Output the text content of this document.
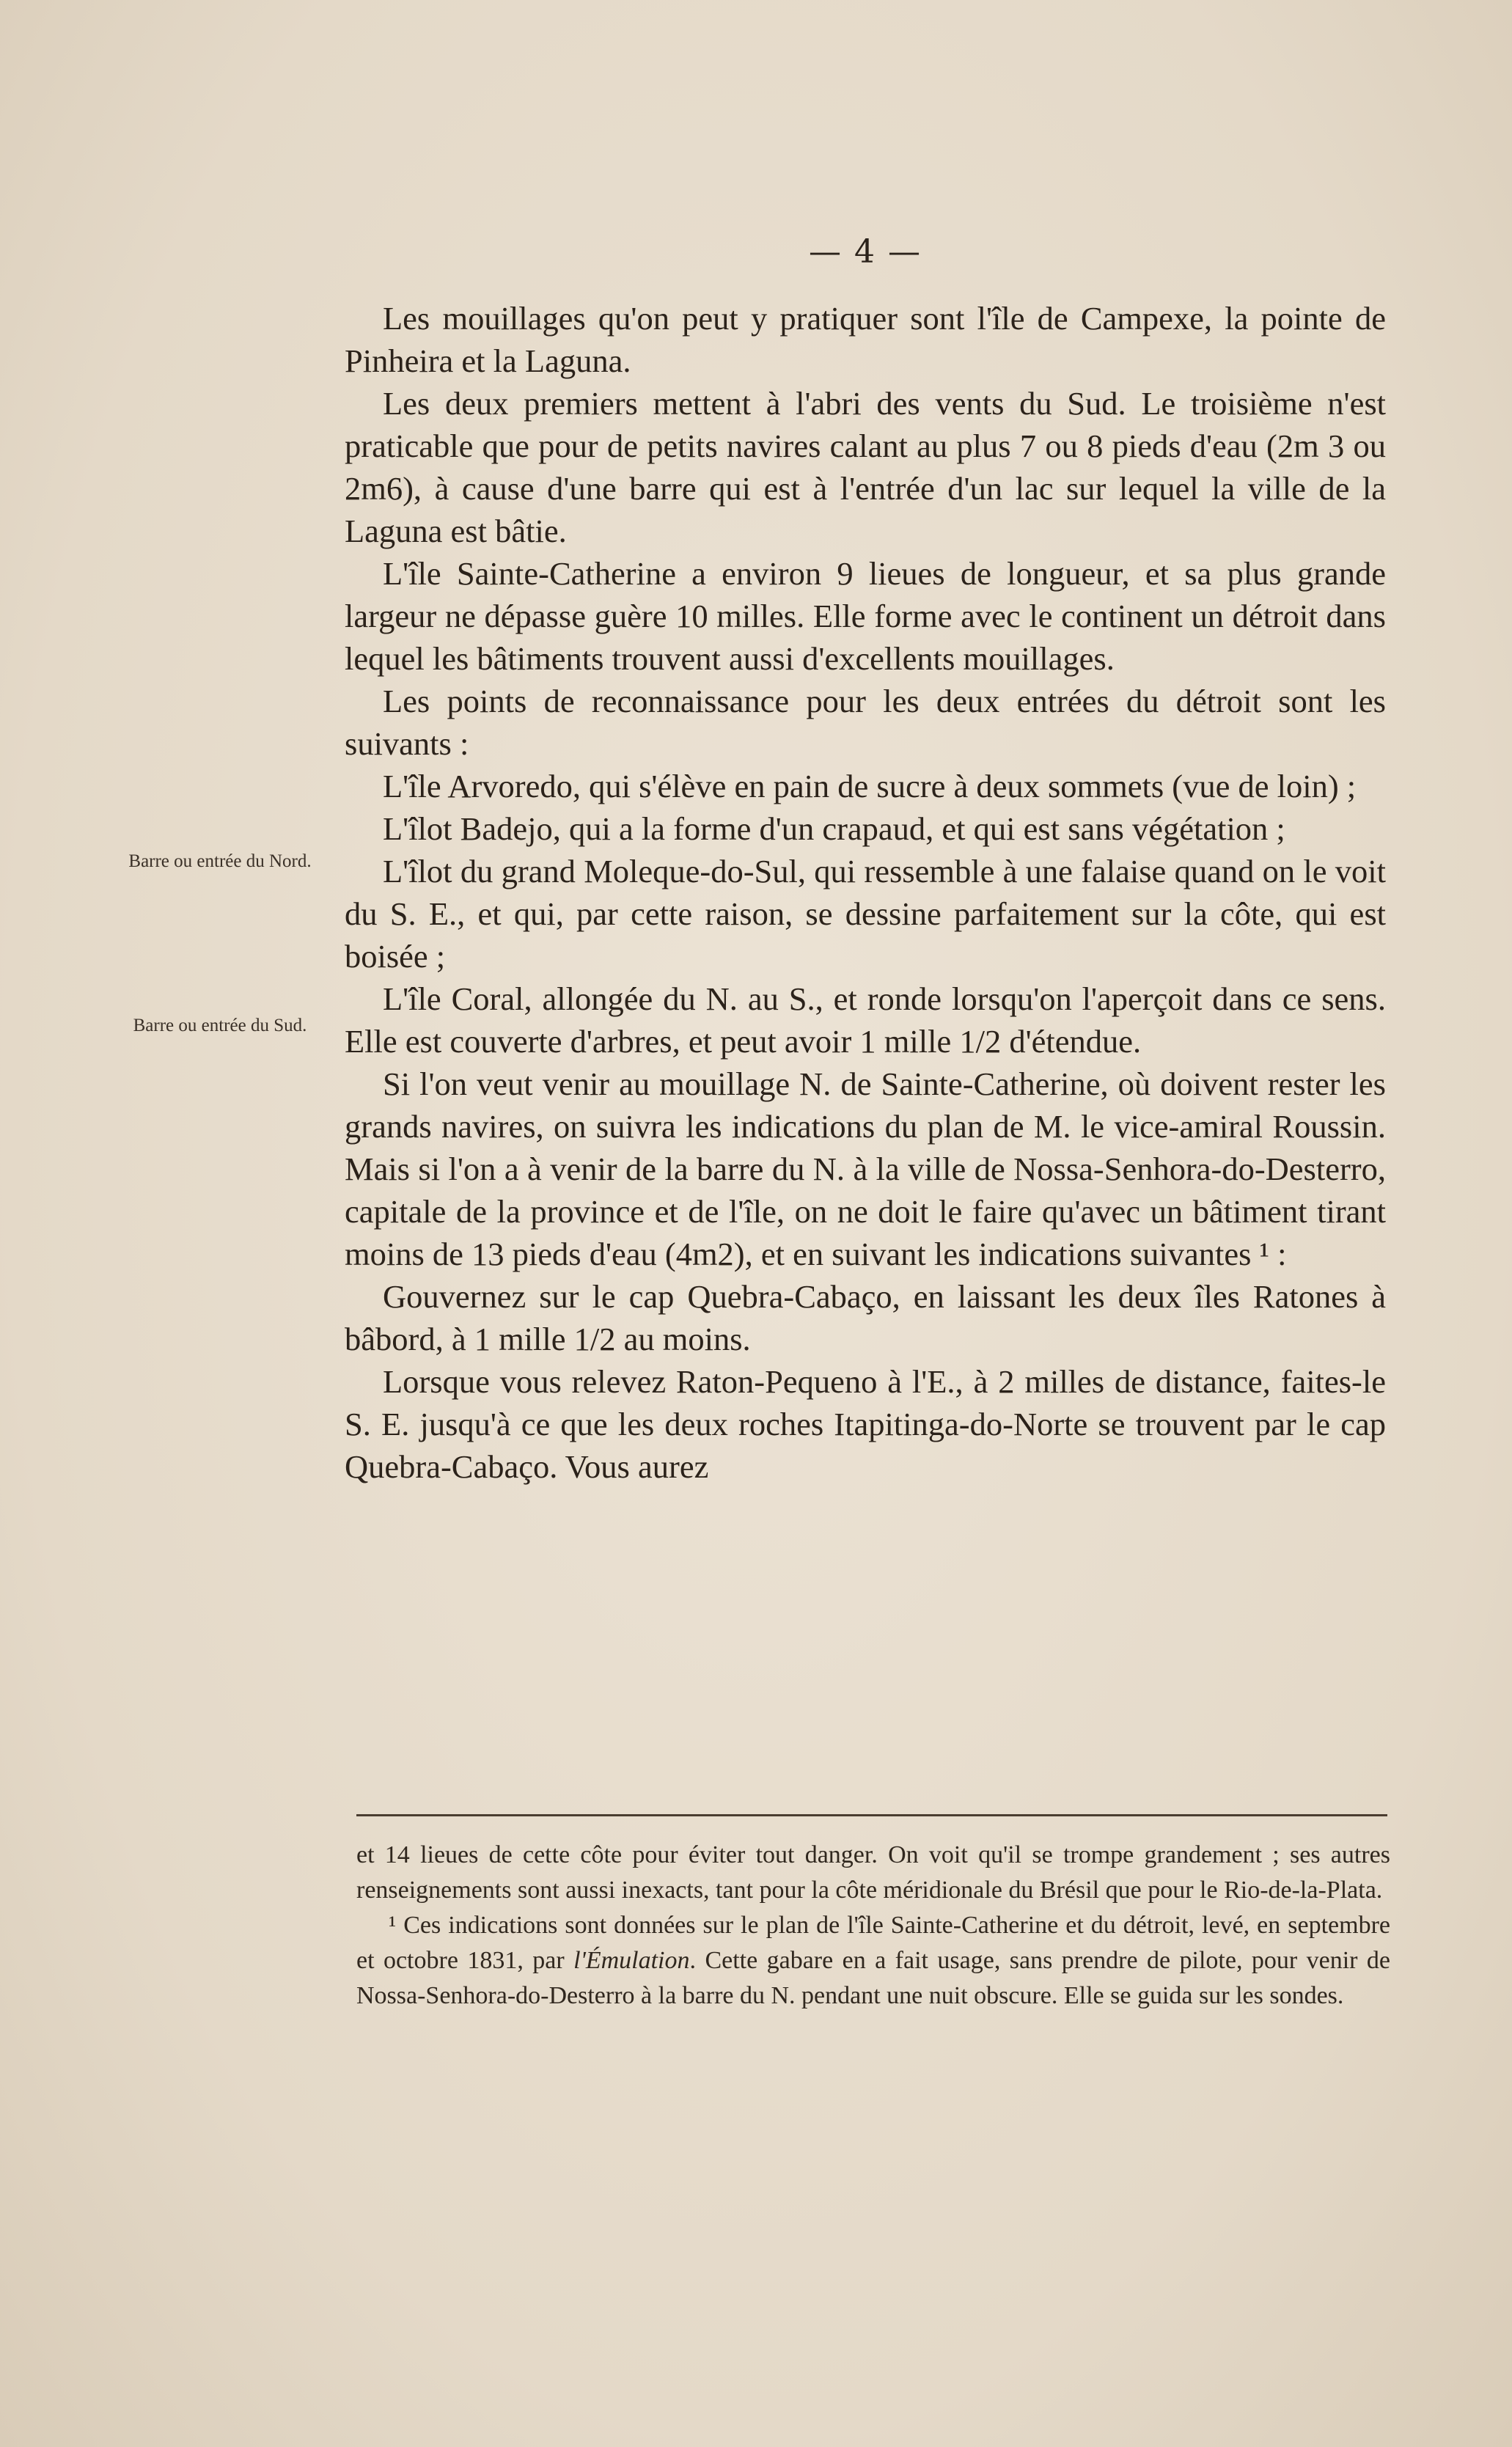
— 4 —
Barre ou entrée du Nord.
Barre ou entrée du Sud.

Les mouillages qu'on peut y pratiquer sont l'île de Campexe, la pointe de Pinheira et la Laguna.

Les deux premiers mettent à l'abri des vents du Sud. Le troisième n'est praticable que pour de petits navires calant au plus 7 ou 8 pieds d'eau (2m 3 ou 2m6), à cause d'une barre qui est à l'entrée d'un lac sur lequel la ville de la Laguna est bâtie.

L'île Sainte-Catherine a environ 9 lieues de longueur, et sa plus grande largeur ne dépasse guère 10 milles. Elle forme avec le continent un détroit dans lequel les bâtiments trouvent aussi d'excellents mouillages.

Les points de reconnaissance pour les deux entrées du détroit sont les suivants :

L'île Arvoredo, qui s'élève en pain de sucre à deux sommets (vue de loin) ;

L'îlot Badejo, qui a la forme d'un crapaud, et qui est sans végétation ;

L'îlot du grand Moleque-do-Sul, qui ressemble à une falaise quand on le voit du S. E., et qui, par cette raison, se dessine parfaitement sur la côte, qui est boisée ;

L'île Coral, allongée du N. au S., et ronde lorsqu'on l'aperçoit dans ce sens. Elle est couverte d'arbres, et peut avoir 1 mille 1/2 d'étendue.

Si l'on veut venir au mouillage N. de Sainte-Catherine, où doivent rester les grands navires, on suivra les indications du plan de M. le vice-amiral Roussin. Mais si l'on a à venir de la barre du N. à la ville de Nossa-Senhora-do-Desterro, capitale de la province et de l'île, on ne doit le faire qu'avec un bâtiment tirant moins de 13 pieds d'eau (4m2), et en suivant les indications suivantes ¹ :

Gouvernez sur le cap Quebra-Cabaço, en laissant les deux îles Ratones à bâbord, à 1 mille 1/2 au moins.

Lorsque vous relevez Raton-Pequeno à l'E., à 2 milles de distance, faites-le S. E. jusqu'à ce que les deux roches Itapitinga-do-Norte se trouvent par le cap Quebra-Cabaço. Vous aurez

et 14 lieues de cette côte pour éviter tout danger. On voit qu'il se trompe grandement ; ses autres renseignements sont aussi inexacts, tant pour la côte méridionale du Brésil que pour le Rio-de-la-Plata.

¹ Ces indications sont données sur le plan de l'île Sainte-Catherine et du détroit, levé, en septembre et octobre 1831, par l'Émulation. Cette gabare en a fait usage, sans prendre de pilote, pour venir de Nossa-Senhora-do-Desterro à la barre du N. pendant une nuit obscure. Elle se guida sur les sondes.
